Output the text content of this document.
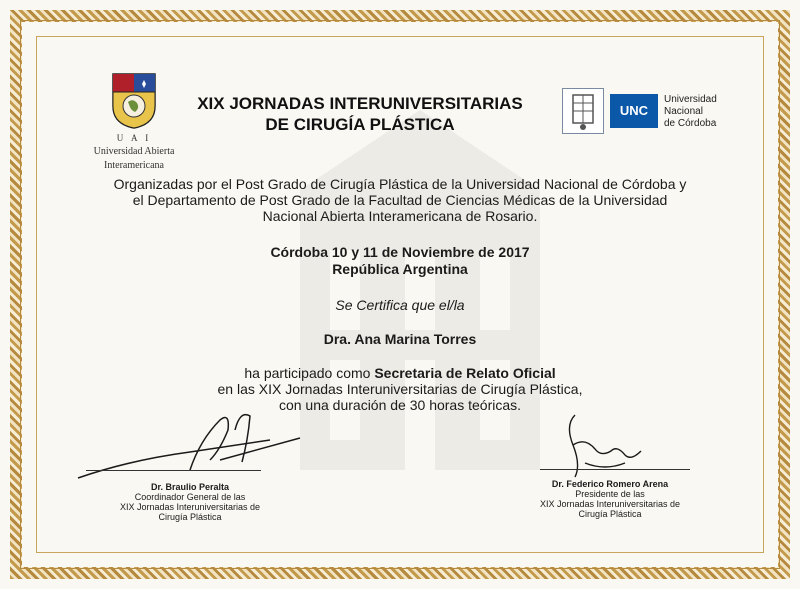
U A I
Universidad Abierta
Interamericana
XIX JORNADAS INTERUNIVERSITARIAS
DE CIRUGÍA PLÁSTICA
UNC
Universidad
Nacional
de Córdoba
Organizadas por el Post Grado de Cirugía Plástica de la Universidad Nacional de Córdoba y
el Departamento de Post Grado de la Facultad de Ciencias Médicas de la Universidad
Nacional Abierta Interamericana de Rosario.
Córdoba 10 y 11 de Noviembre de 2017
República Argentina
Se Certifica que el/la
Dra. Ana Marina Torres
ha participado como Secretaria de Relato Oficial
en las XIX Jornadas Interuniversitarias de Cirugía Plástica,
con una duración de 30 horas teóricas.
Dr. Braulio Peralta
Coordinador General de las
XIX Jornadas Interuniversitarias de
Cirugía Plástica
Dr. Federico Romero Arena
Presidente de las
XIX Jornadas Interuniversitarias de
Cirugía Plástica
